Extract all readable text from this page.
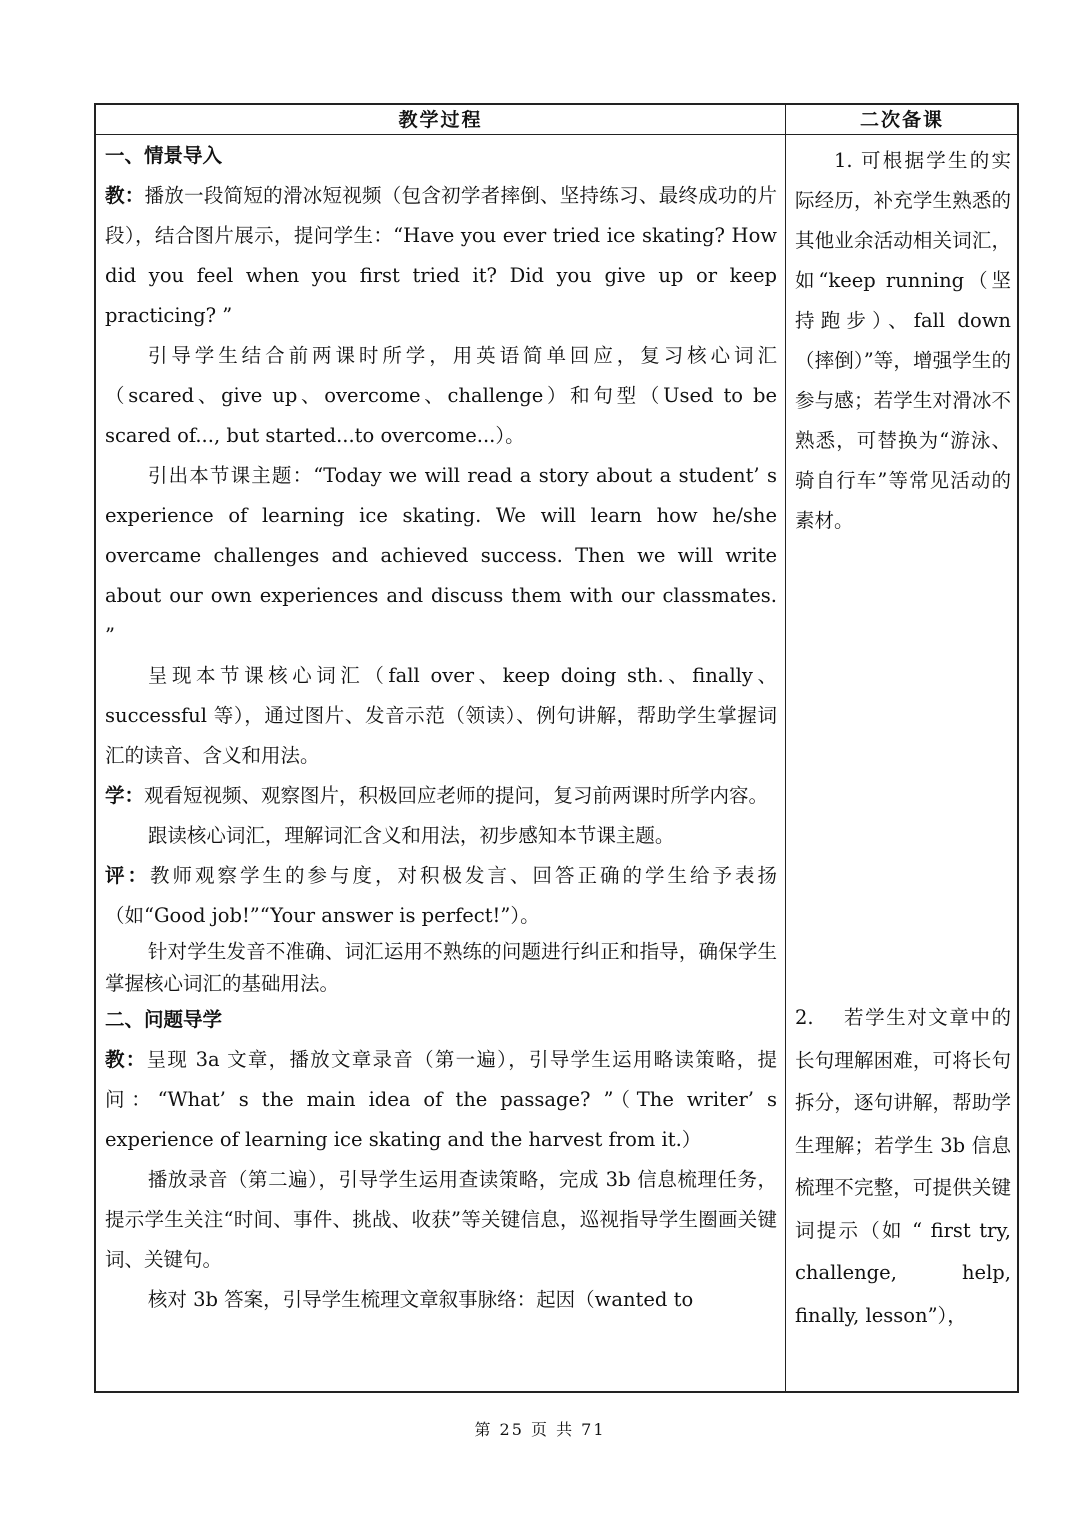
教学过程	二次备课

一、情景导入

教：播放一段简短的滑冰短视频（包含初学者摔倒、坚持练习、最终成功的片段），结合图片展示，提问学生：“Have you ever tried ice skating? How did you feel when you first tried it? Did you give up or keep practicing? ”

引导学生结合前两课时所学，用英语简单回应，复习核心词汇（scared、give up、overcome、challenge）和句型（Used to be scared of..., but started...to overcome...）。

引出本节课主题：“Today we will read a story about a student’ s experience of learning ice skating. We will learn how he/she overcame challenges and achieved success. Then we will write about our own experiences and discuss them with our classmates. ”

呈现本节课核心词汇（fall over、keep doing sth.、finally、successful 等），通过图片、发音示范（领读）、例句讲解，帮助学生掌握词汇的读音、含义和用法。

学：观看短视频、观察图片，积极回应老师的提问，复习前两课时所学内容。

跟读核心词汇，理解词汇含义和用法，初步感知本节课主题。

评：教师观察学生的参与度，对积极发言、回答正确的学生给予表扬（如“Good job!”“Your answer is perfect!”）。

针对学生发音不准确、词汇运用不熟练的问题进行纠正和指导，确保学生掌握核心词汇的基础用法。

二、问题导学

教：呈现 3a 文章，播放文章录音（第一遍），引导学生运用略读策略，提问：“What’ s the main idea of the passage? ”（The writer’ s experience of learning ice skating and the harvest from it.）

播放录音（第二遍），引导学生运用查读策略，完成 3b 信息梳理任务，提示学生关注“时间、事件、挑战、收获”等关键信息，巡视指导学生圈画关键词、关键句。

核对 3b 答案，引导学生梳理文章叙事脉络：起因（wanted to

1. 可根据学生的实际经历，补充学生熟悉的其他业余活动相关词汇，如“keep running（坚持跑步）、fall down（摔倒）”等，增强学生的参与感；若学生对滑冰不熟悉，可替换为“游泳、骑自行车”等常见活动的素材。

2.　 若学生对文章中的长句理解困难，可将长句拆分，逐句讲解，帮助学生理解；若学生 3b 信息梳理不完整，可提供关键词提示（如 “ first try, challenge, help, finally, lesson”），

第 25 页 共 71
